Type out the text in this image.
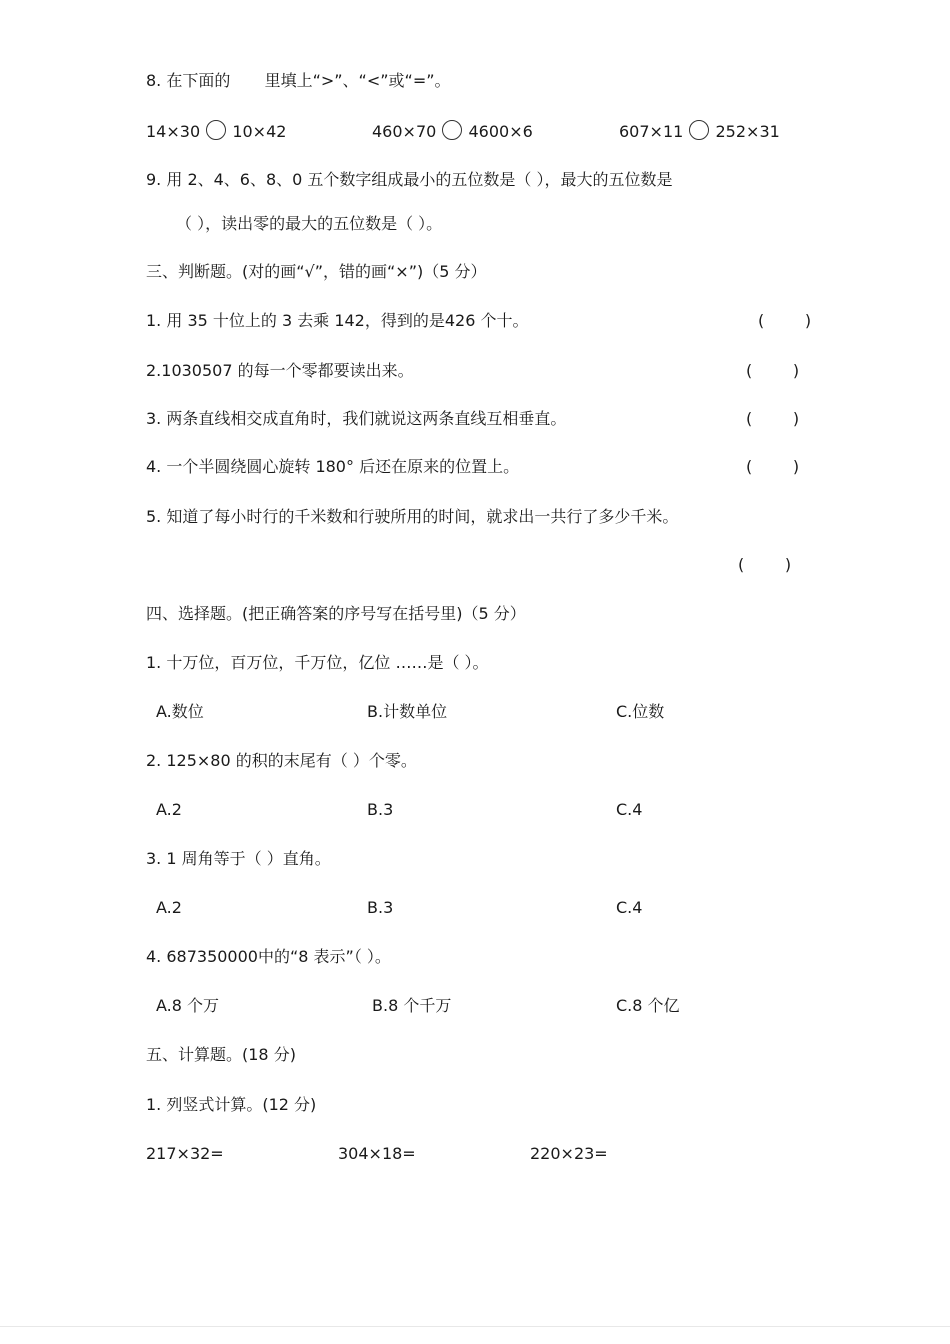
8. 在下面的 里填上“>”、“<”或“=”。
14×30 10×42	460×70 4600×6	607×11 252×31
9. 用 2、4、6、8、0 五个数字组成最小的五位数是（ ），最大的五位数是
（ ），读出零的最大的五位数是（ ）。
三、判断题。(对的画“√”，错的画“×”)（5 分）
1. 用 35 十位上的 3 去乘 142，得到的是426 个十。	(        )
2.1030507 的每一个零都要读出来。	(        )
3. 两条直线相交成直角时，我们就说这两条直线互相垂直。	(        )
4. 一个半圆绕圆心旋转 180° 后还在原来的位置上。	(        )
5. 知道了每小时行的千米数和行驶所用的时间，就求出一共行了多少千米。
(        )
四、选择题。(把正确答案的序号写在括号里)（5 分）
1. 十万位，百万位，千万位，亿位 ……是（ ）。
A.数位	B.计数单位	C.位数
2. 125×80 的积的末尾有（ ）个零。
A.2	B.3	C.4
3. 1 周角等于（ ）直角。
A.2	B.3	C.4
4. 687350000中的“8 表示”（ ）。
A.8 个万	B.8 个千万	C.8 个亿
五、计算题。(18 分)
1. 列竖式计算。(12 分)
217×32=	304×18=	220×23=
